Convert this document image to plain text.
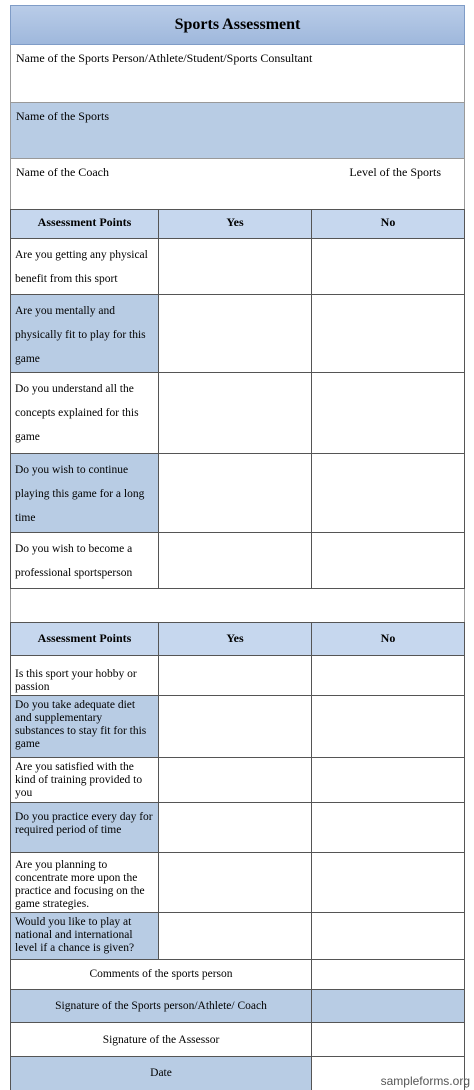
Sports Assessment
Name of the Sports Person/Athlete/Student/Sports Consultant
Name of the Sports
Name of the Coach	Level of the Sports
Assessment Points	Yes	No
Are you getting any physical benefit from this sport
Are you mentally and physically fit to play for this game
Do you understand all the concepts explained for this game
Do you wish to continue playing this game for a long time
Do you wish to become a professional sportsperson
Assessment Points	Yes	No
Is this sport your hobby or passion
Do you take adequate diet and supplementary substances to stay fit for this game
Are you satisfied with the kind of training provided to you
Do you practice every day for required period of time
Are you planning to concentrate more upon the practice and focusing on the game strategies.
Would you like to play at national and international level if a chance is given?
Comments of the sports person
Signature of the Sports person/Athlete/ Coach
Signature of the Assessor
Date
sampleforms.org
